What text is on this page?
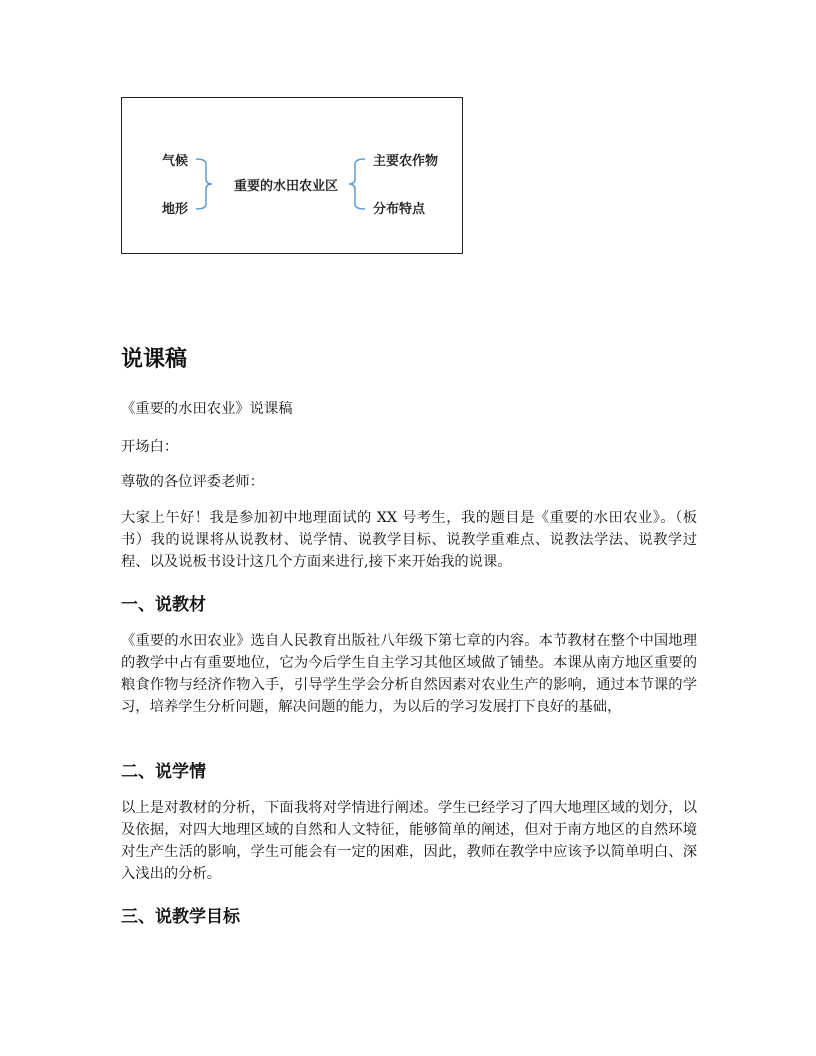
气候
地形
重要的水田农业区
主要农作物
分布特点
说课稿

《重要的水田农业》说课稿

开场白：

尊敬的各位评委老师：

大家上午好！我是参加初中地理面试的 XX 号考生，我的题目是《重要的水田农业》。（板书）我的说课将从说教材、说学情、说教学目标、说教学重难点、说教法学法、说教学过程、以及说板书设计这几个方面来进行,接下来开始我的说课。

一、说教材

《重要的水田农业》选自人民教育出版社八年级下第七章的内容。本节教材在整个中国地理的教学中占有重要地位，它为今后学生自主学习其他区域做了铺垫。本课从南方地区重要的粮食作物与经济作物入手，引导学生学会分析自然因素对农业生产的影响，通过本节课的学习，培养学生分析问题，解决问题的能力，为以后的学习发展打下良好的基础，

二、说学情

以上是对教材的分析，下面我将对学情进行阐述。学生已经学习了四大地理区域的划分，以及依据，对四大地理区域的自然和人文特征，能够简单的阐述，但对于南方地区的自然环境对生产生活的影响，学生可能会有一定的困难，因此，教师在教学中应该予以简单明白、深入浅出的分析。

三、说教学目标
